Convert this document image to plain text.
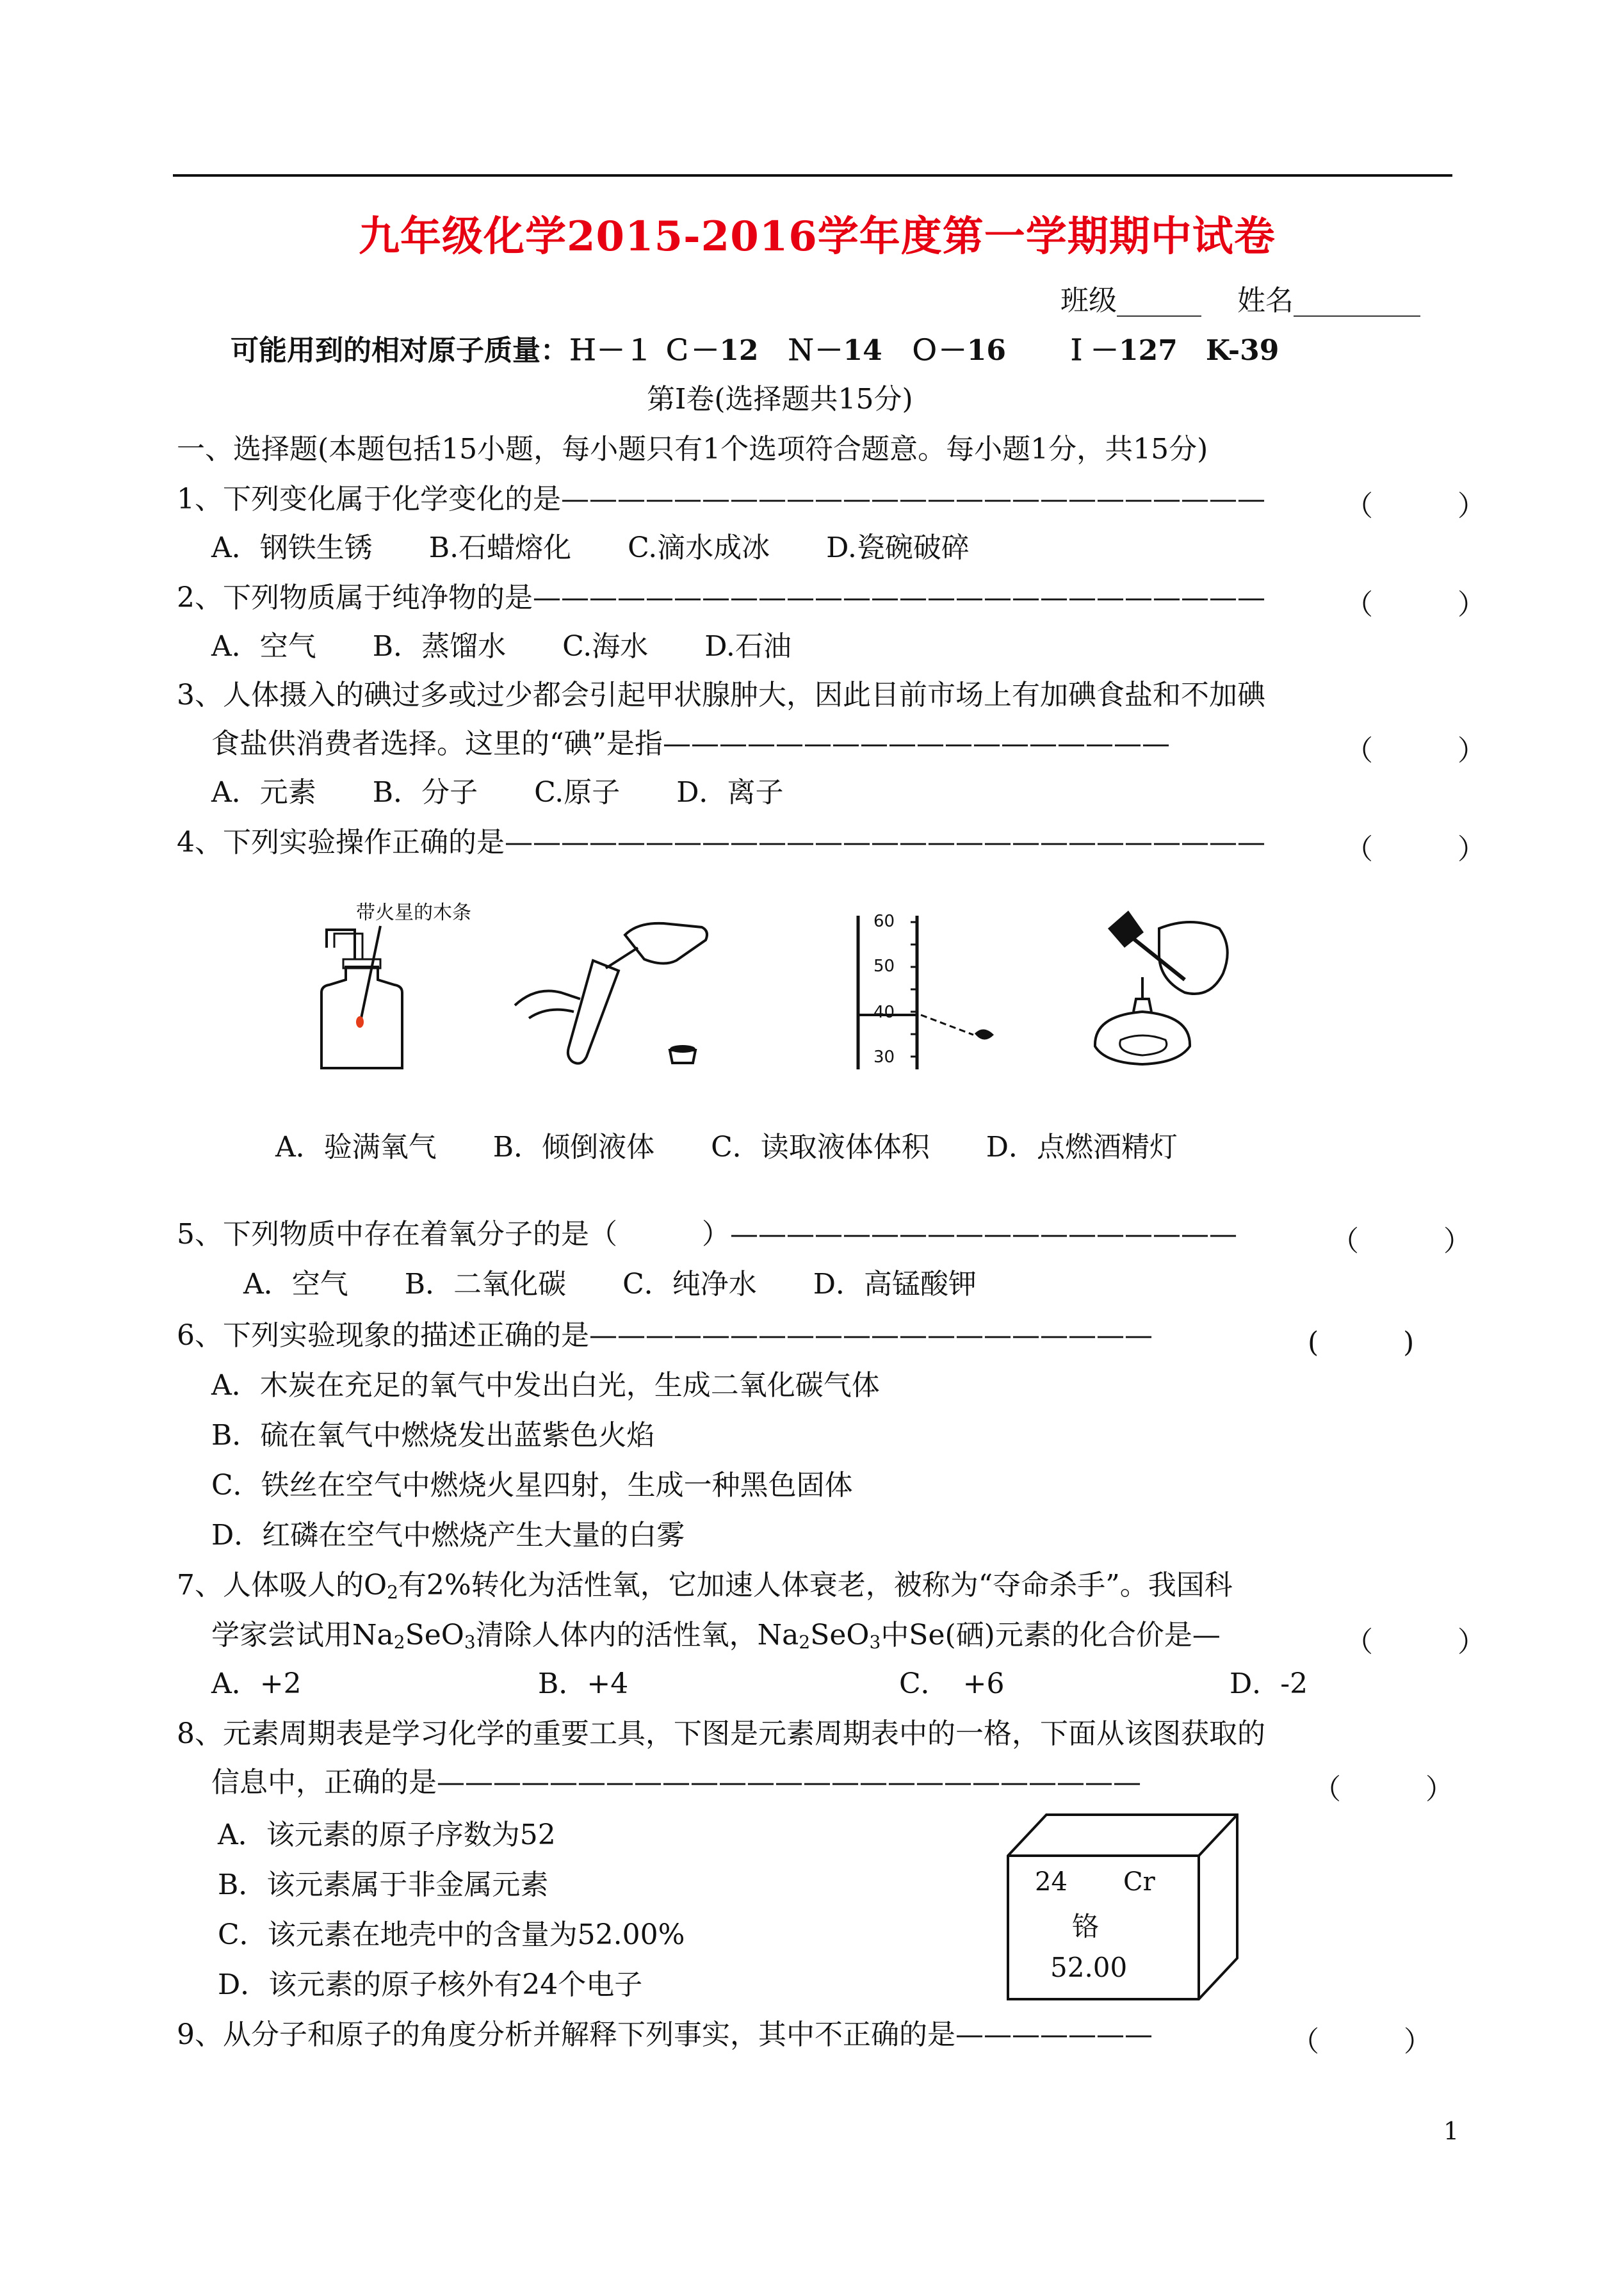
九年级化学2015-2016学年度第一学期期中试卷
班级______ 姓名_________
可能用到的相对原子质量：Ｈ－１ Ｃ－12　Ｎ－14　Ｏ－16　　Ｉ－127　K-39
第Ⅰ卷(选择题共15分)
一、选择题(本题包括15小题，每小题只有1个选项符合题意。每小题1分，共15分)
1、下列变化属于化学变化的是—————————————————————————	（　　　）
A．钢铁生锈　　B.石蜡熔化　　C.滴水成冰　　D.瓷碗破碎
2、下列物质属于纯净物的是——————————————————————————	（　　　）
A．空气　　B．蒸馏水　　C.海水　　D.石油
3、人体摄入的碘过多或过少都会引起甲状腺肿大，因此目前市场上有加碘食盐和不加碘
食盐供消费者选择。这里的“碘”是指——————————————————	（　　　）
A．元素　　B．分子　　C.原子　　D．离子
4、下列实验操作正确的是———————————————————————————	（　　　）
带火星的木条	60
50
40
30
A．验满氧气　　B．倾倒液体　　C．读取液体体积　　D．点燃酒精灯
5、下列物质中存在着氧分子的是（　　　）——————————————————	（　　　）
A．空气　　B．二氧化碳　　C．纯净水　　D．高锰酸钾
6、下列实验现象的描述正确的是————————————————————	(　　　)
A．木炭在充足的氧气中发出白光，生成二氧化碳气体
B．硫在氧气中燃烧发出蓝紫色火焰
C．铁丝在空气中燃烧火星四射，生成一种黑色固体
D．红磷在空气中燃烧产生大量的白雾
7、人体吸人的$O_2$有2%转化为活性氧，它加速人体衰老，被称为“夺命杀手”。我国科
学家尝试用$Na_2SeO_3$清除人体内的活性氧，$Na_2SeO_3$中Se(硒)元素的化合价是—	（　　　）
A．+2	B．+4	C．　+6	D．-2
8、元素周期表是学习化学的重要工具，下图是元素周期表中的一格，下面从该图获取的
信息中，正确的是—————————————————————————	（　　　）
A．该元素的原子序数为52
B．该元素属于非金属元素
C．该元素在地壳中的含量为52.00%
D．该元素的原子核外有24个电子
24 Cr
铬
52.00
9、从分子和原子的角度分析并解释下列事实，其中不正确的是———————	（　　　）
1
